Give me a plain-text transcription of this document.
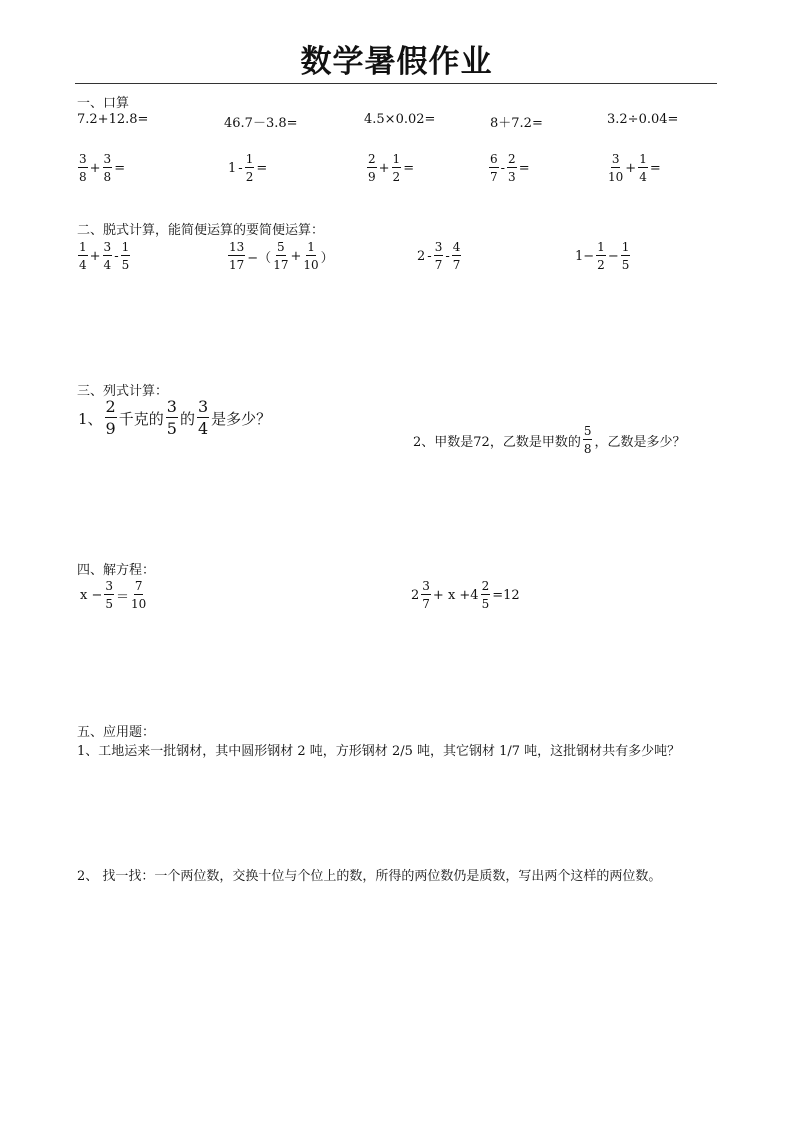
数学暑假作业
一、口算
7.2+12.8=	46.7－3.8=	4.5×0.02=	8＋7.2=	3.2÷0.04=
$\frac{3}{8} + \frac{3}{8}$ =	$1 - \frac{1}{2}$ =	$\frac{2}{9} + \frac{1}{2}$ =	$\frac{6}{7} - \frac{2}{3}$ =	$\frac{3}{10} + \frac{1}{4}$ =
二、脱式计算，能简便运算的要简便运算：
$\frac{1}{4} + \frac{3}{4} - \frac{1}{5}$	$\frac{13}{17}$ −（ $\frac{5}{17} + \frac{1}{10}$ ）	$2 - \frac{3}{7} - \frac{4}{7}$	$1- \frac{1}{2} - \frac{1}{5}$
三、列式计算：
1、 $\frac{2}{9}$ 千克的 $\frac{3}{5}$ 的 $\frac{3}{4}$ 是多少？
2、甲数是72，乙数是甲数的 $\frac{5}{8}$ ，乙数是多少？
四、解方程：
$x - \frac{3}{5} = \frac{7}{10}$	$2 \frac{3}{7} + x +4 \frac{2}{5} =12$
五、应用题：
1、工地运来一批钢材，其中圆形钢材 2 吨，方形钢材 2/5 吨，其它钢材 1/7 吨，这批钢材共有多少吨？
2、 找一找：一个两位数，交换十位与个位上的数，所得的两位数仍是质数，写出两个这样的两位数。
